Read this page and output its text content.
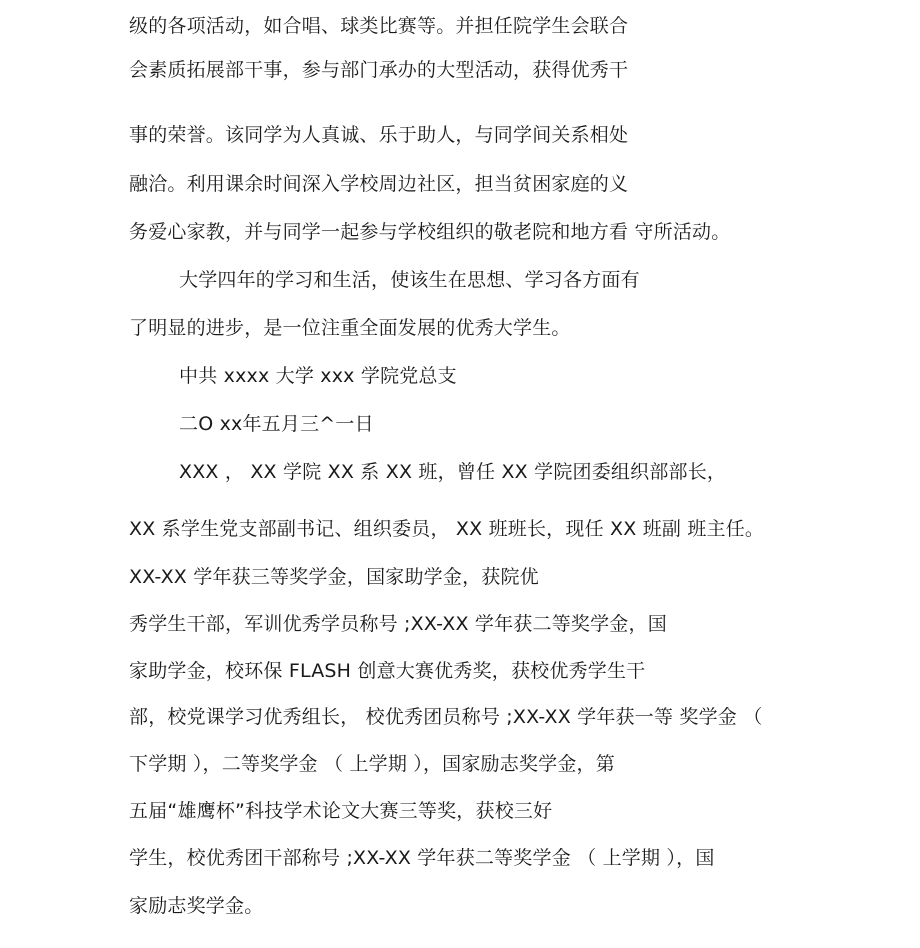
级的各项活动，如合唱、球类比赛等。并担任院学生会联合
会素质拓展部干事，参与部门承办的大型活动，获得优秀干
事的荣誉。该同学为人真诚、乐于助人，与同学间关系相处
融洽。利用课余时间深入学校周边社区，担当贫困家庭的义
务爱心家教，并与同学一起参与学校组织的敬老院和地方看 守所活动。
大学四年的学习和生活，使该生在思想、学习各方面有
了明显的进步，是一位注重全面发展的优秀大学生。
中共 xxxx 大学 xxx 学院党总支
二O xx年五月三^一日
XXX ， XX 学院 XX 系 XX 班，曾任 XX 学院团委组织部部长，
XX 系学生党支部副书记、组织委员， XX 班班长，现任 XX 班副 班主任。
XX-XX 学年获三等奖学金，国家助学金，获院优
秀学生干部，军训优秀学员称号 ;XX-XX 学年获二等奖学金，国
家助学金，校环保 FLASH 创意大赛优秀奖，获校优秀学生干
部，校党课学习优秀组长， 校优秀团员称号 ;XX-XX 学年获一等 奖学金 （
下学期 ），二等奖学金 （ 上学期 ），国家励志奖学金，第
五届“雄鹰杯”科技学术论文大赛三等奖，获校三好
学生，校优秀团干部称号 ;XX-XX 学年获二等奖学金 （ 上学期 ），国
家励志奖学金。
